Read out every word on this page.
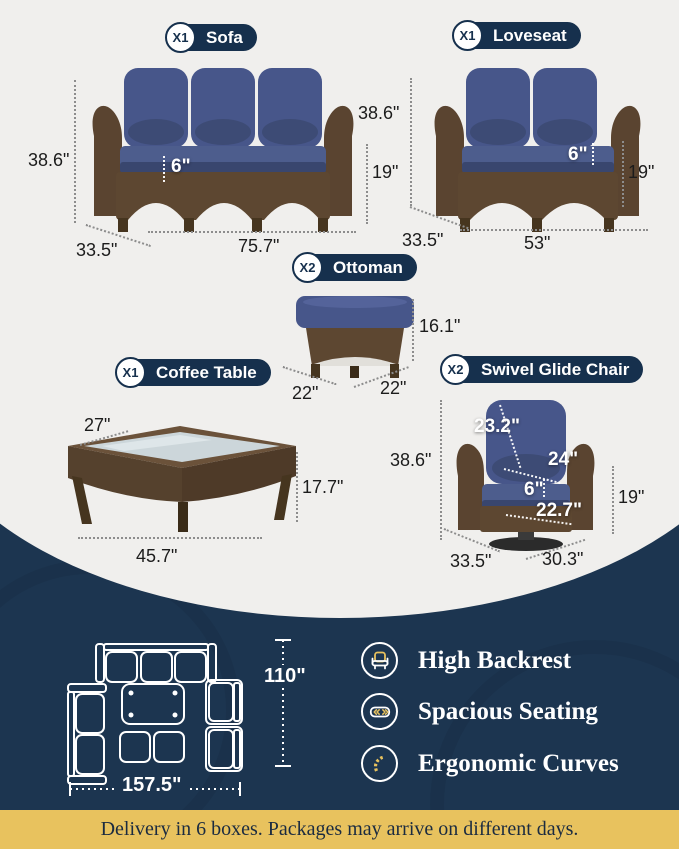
X1	Sofa
38.6"	6"	19"
33.5"	75.7"
X1	Loveseat
38.6"
6"
19"
33.5"	53"
X2	Ottoman
16.1"
22"	22"
X1	Coffee Table
27"
17.7"
45.7"
X2	Swivel Glide Chair
23.2"
24"
6"
22.7"
38.6"
19"
33.5"	30.3"
110"
157.5"
High Backrest
Spacious Seating
Ergonomic Curves
Delivery in 6 boxes. Packages may arrive on different days.
